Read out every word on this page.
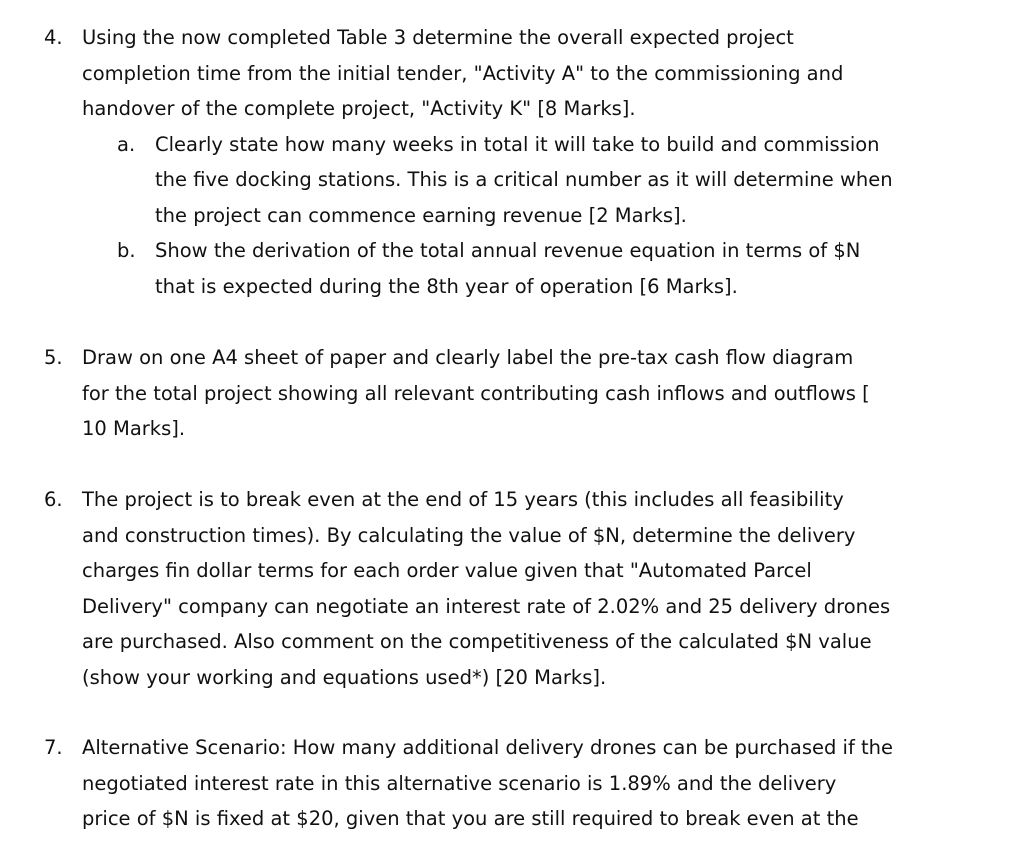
4. Using the now completed Table 3 determine the overall expected project
completion time from the initial tender, "Activity A" to the commissioning and
handover of the complete project, "Activity K" [8 Marks].
a.	Clearly state how many weeks in total it will take to build and commission
the five docking stations. This is a critical number as it will determine when
the project can commence earning revenue [2 Marks].
b. Show the derivation of the total annual revenue equation in terms of $N
that is expected during the 8th year of operation [6 Marks].
5. Draw on one A4 sheet of paper and clearly label the pre-tax cash flow diagram
for the total project showing all relevant contributing cash inflows and outflows [
10 Marks].
6. The project is to break even at the end of 15 years (this includes all feasibility
and construction times). By calculating the value of $N, determine the delivery
charges fin dollar terms for each order value given that "Automated Parcel
Delivery" company can negotiate an interest rate of 2.02% and 25 delivery drones
are purchased. Also comment on the competitiveness of the calculated $N value
(show your working and equations used*) [20 Marks].
7. Alternative Scenario: How many additional delivery drones can be purchased if the
negotiated interest rate in this alternative scenario is 1.89% and the delivery
price of $N is fixed at $20, given that you are still required to break even at the
